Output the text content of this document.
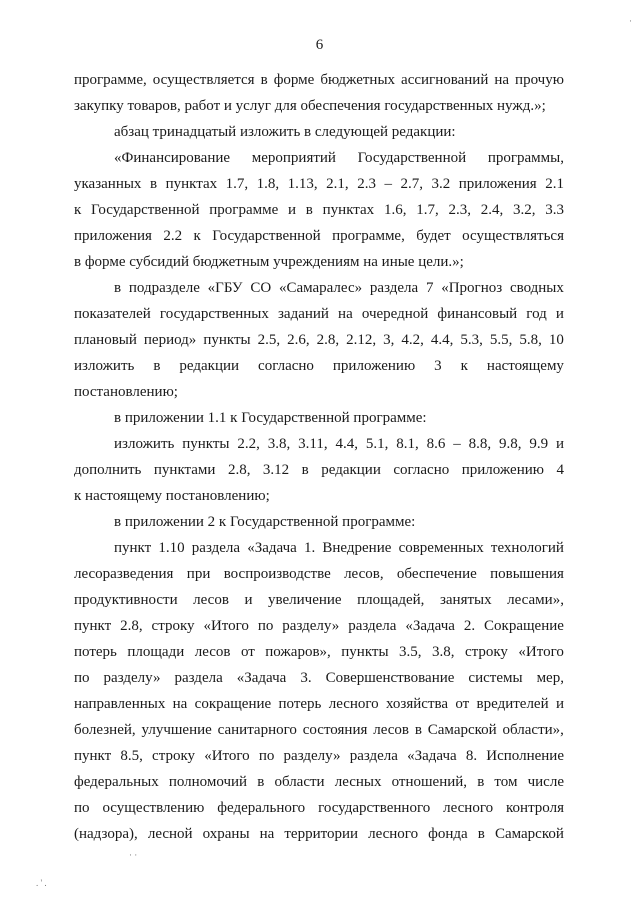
6
программе, осуществляется в форме бюджетных ассигнований на прочую
закупку товаров, работ и услуг для обеспечения государственных нужд.»;
абзац тринадцатый изложить в следующей редакции:
«Финансирование мероприятий Государственной программы,
указанных в пунктах 1.7, 1.8, 1.13, 2.1, 2.3 – 2.7, 3.2 приложения 2.1
к Государственной программе и в пунктах 1.6, 1.7, 2.3, 2.4, 3.2, 3.3
приложения 2.2 к Государственной программе, будет осуществляться
в форме субсидий бюджетным учреждениям на иные цели.»;
в подразделе «ГБУ СО «Самаралес» раздела 7 «Прогноз сводных
показателей государственных заданий на очередной финансовый год и
плановый период» пункты 2.5, 2.6, 2.8, 2.12, 3, 4.2, 4.4, 5.3, 5.5, 5.8, 10
изложить в редакции согласно приложению 3 к настоящему
постановлению;
в приложении 1.1 к Государственной программе:
изложить пункты 2.2, 3.8, 3.11, 4.4, 5.1, 8.1, 8.6 – 8.8, 9.8, 9.9 и
дополнить пунктами 2.8, 3.12 в редакции согласно приложению 4
к настоящему постановлению;
в приложении 2 к Государственной программе:
пункт 1.10 раздела «Задача 1. Внедрение современных технологий
лесоразведения при воспроизводстве лесов, обеспечение повышения
продуктивности лесов и увеличение площадей, занятых лесами»,
пункт 2.8, строку «Итого по разделу» раздела «Задача 2. Сокращение
потерь площади лесов от пожаров», пункты 3.5, 3.8, строку «Итого
по разделу» раздела «Задача 3. Совершенствование системы мер,
направленных на сокращение потерь лесного хозяйства от вредителей и
болезней, улучшение санитарного состояния лесов в Самарской области»,
пункт 8.5, строку «Итого по разделу» раздела «Задача 8. Исполнение
федеральных полномочий в области лесных отношений, в том числе
по осуществлению федерального государственного лесного контроля
(надзора), лесной охраны на территории лесного фонда в Самарской
·
· ·
. ' .
